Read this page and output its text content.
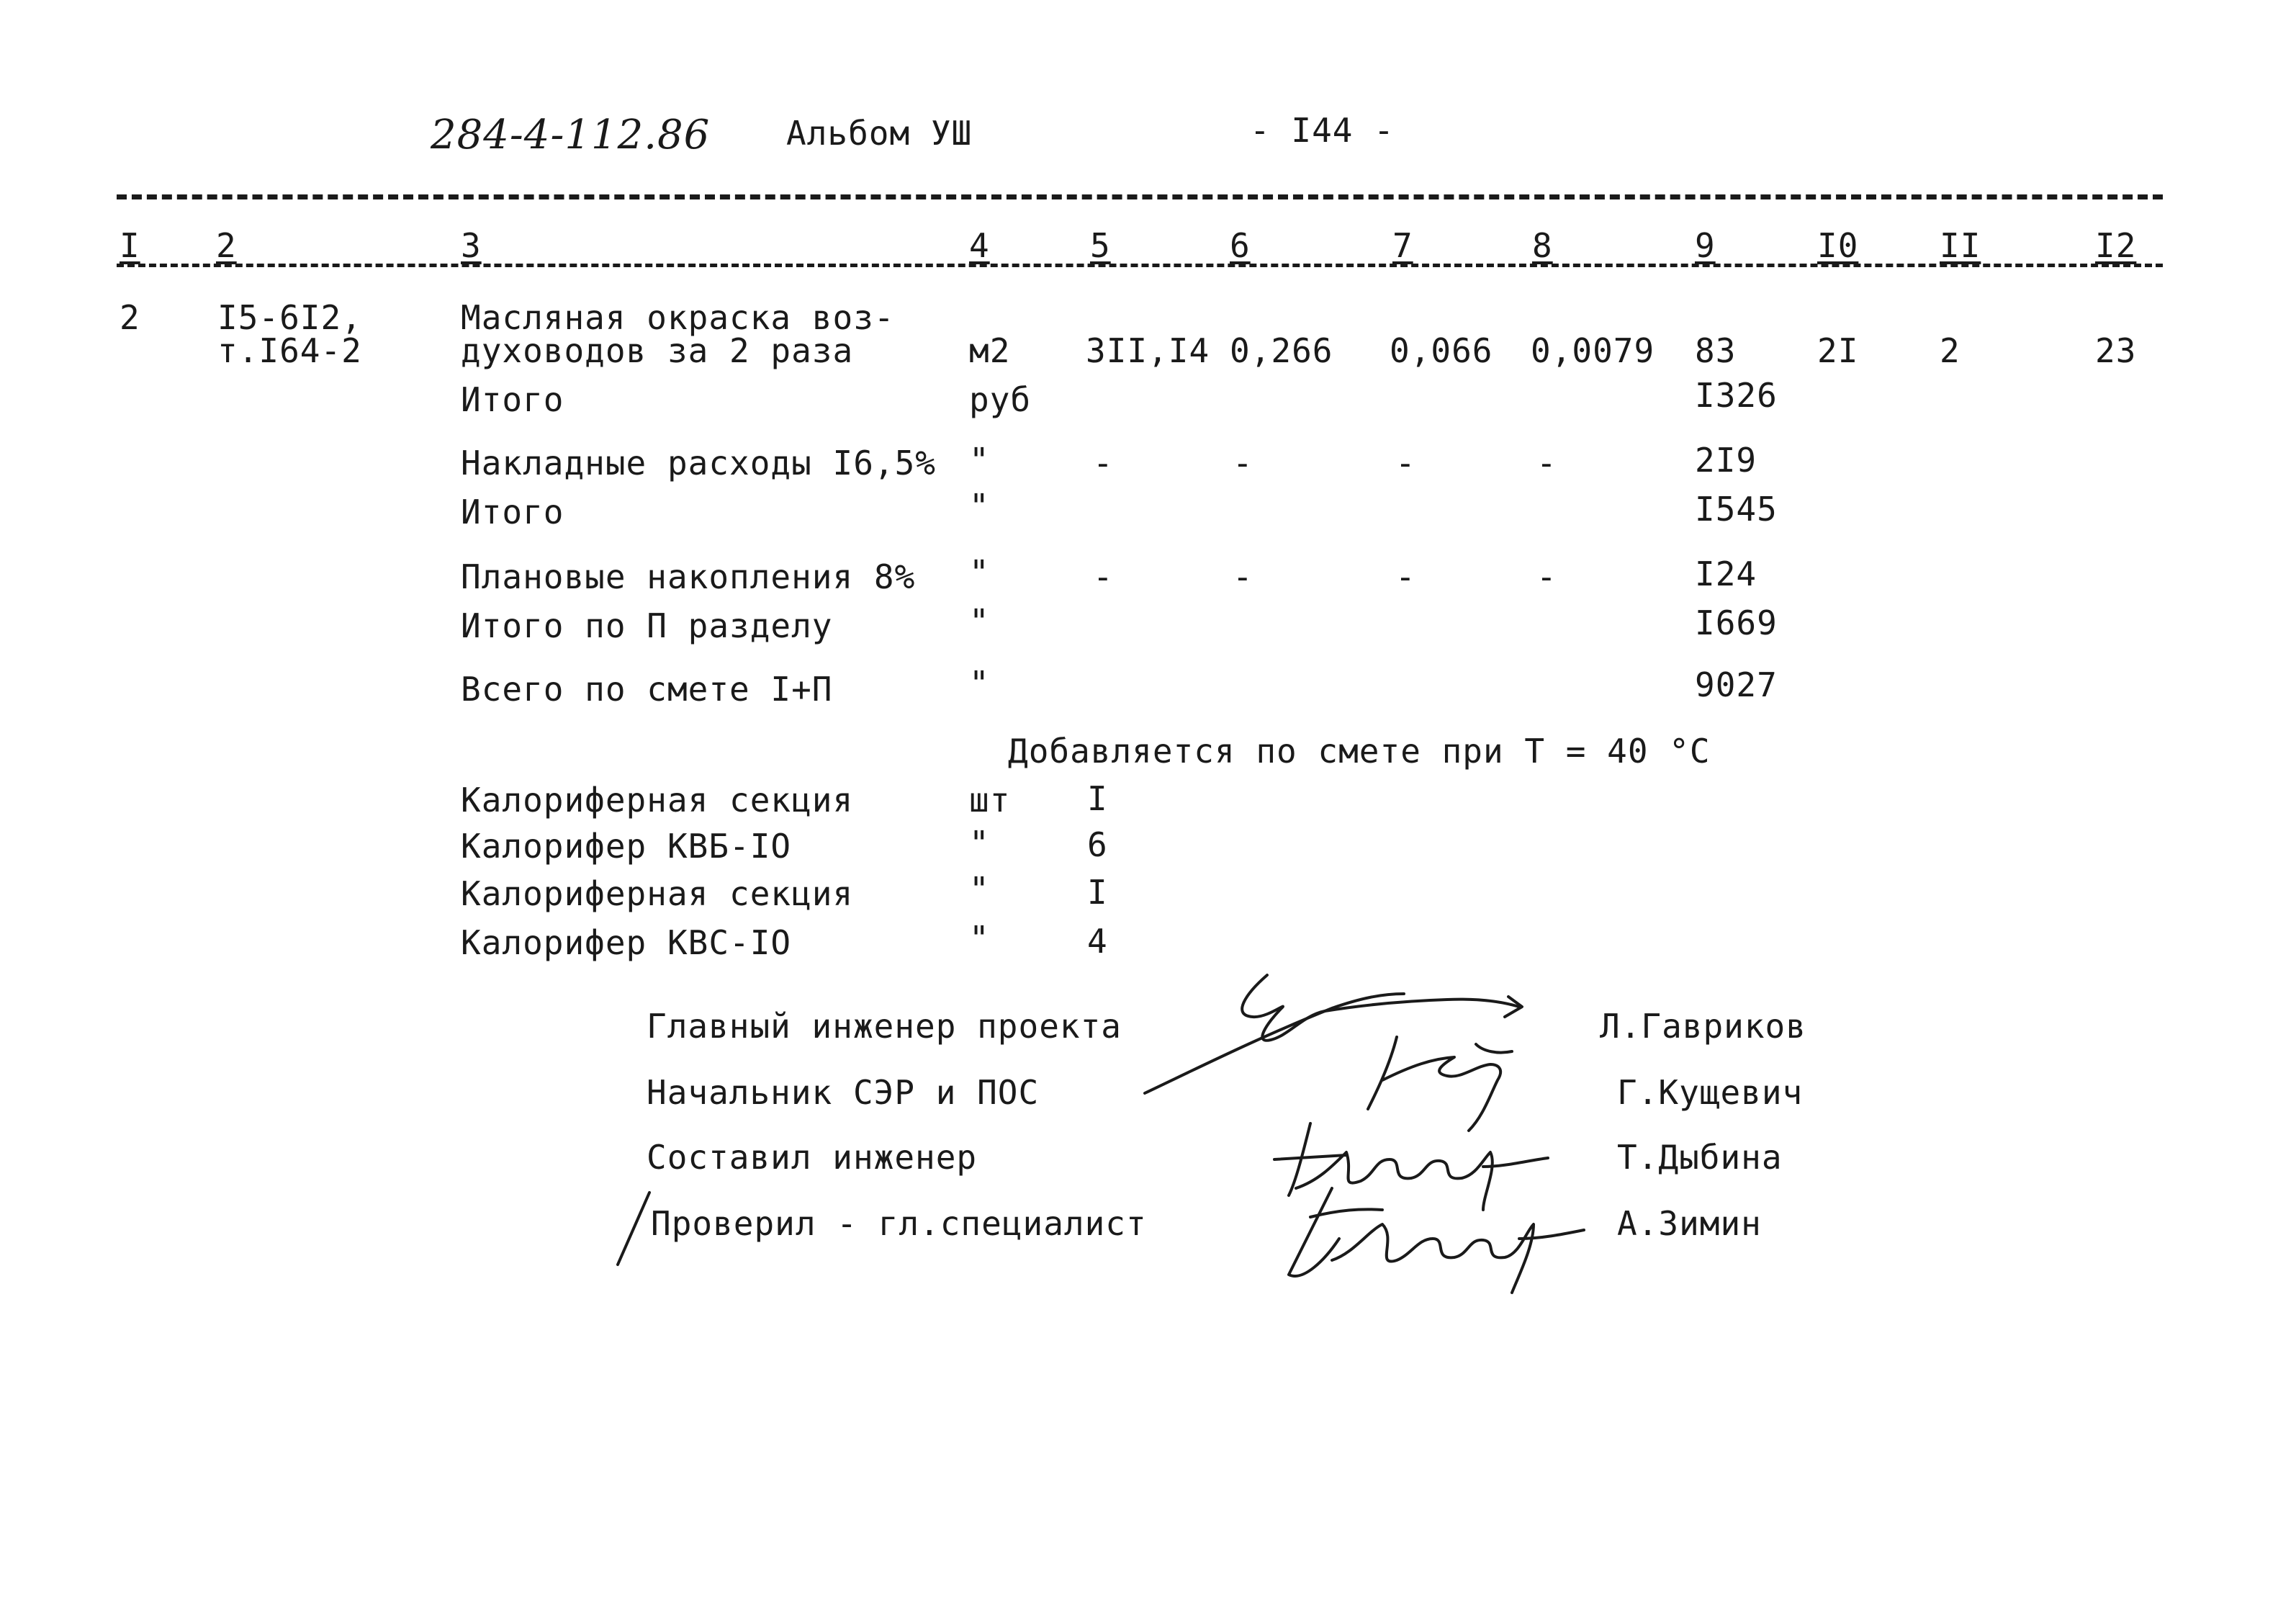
284-4-112.86 Альбом УШ	- I44 -
I 2	3	4	5	6	7	8	9	I0 II	I2
2 I5-6I2,
т.I64-2
Масляная окраска воз-
духоводов за 2 раза	м2 3II,I4 0,266 0,066 0,0079 83 2I 2	23
Итого	руб	I326
Накладные расходы I6,5% "	-	-	-	-	2I9
Итого	"	I545
Плановые накопления 8% "	-	-	-	-	I24
Итого по П разделу	"	I669
Всего по смете I+П	"	9027
Добавляется по смете при Т = 40 °С
Калориферная секция	шт I
Калорифер КВБ-IO	"	6
Калориферная секция	"	I
Калорифер КВС-IO	"	4
Главный инженер проекта	Л.Гавриков
Начальник СЭР и ПОС	Г.Кущевич
Составил инженер	Т.Дыбина
Проверил - гл.специалист	А.Зимин
